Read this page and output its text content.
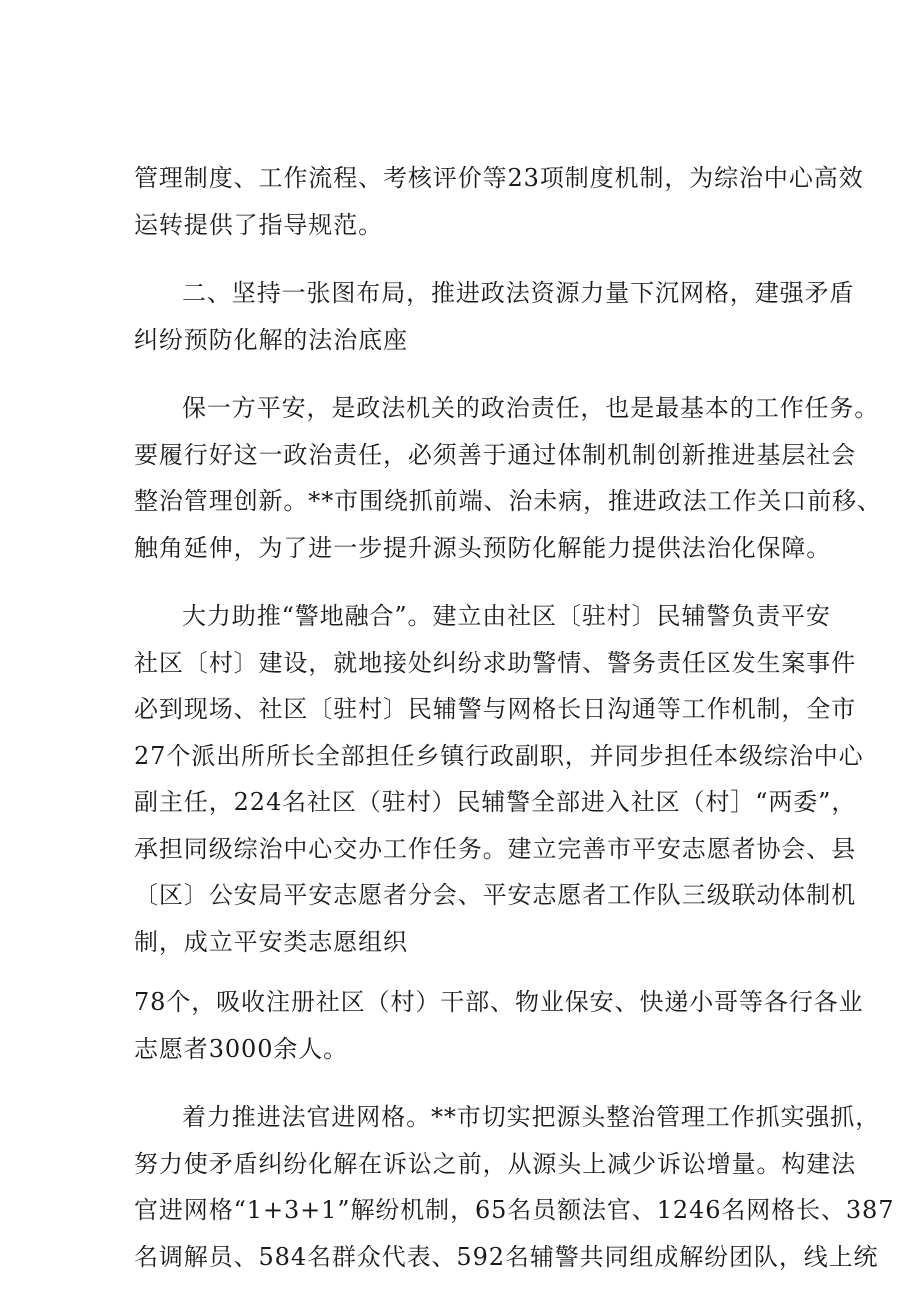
管理制度、工作流程、考核评价等23项制度机制，为综治中心高效
运转提供了指导规范。

二、坚持一张图布局，推进政法资源力量下沉网格，建强矛盾
纠纷预防化解的法治底座

保一方平安，是政法机关的政治责任，也是最基本的工作任务。
要履行好这一政治责任，必须善于通过体制机制创新推进基层社会
整治管理创新。**市围绕抓前端、治未病，推进政法工作关口前移、
触角延伸，为了进一步提升源头预防化解能力提供法治化保障。

大力助推“警地融合”。建立由社区〔驻村〕民辅警负责平安
社区〔村〕建设，就地接处纠纷求助警情、警务责任区发生案事件
必到现场、社区〔驻村〕民辅警与网格长日沟通等工作机制，全市
27个派出所所长全部担任乡镇行政副职，并同步担任本级综治中心
副主任，224名社区（驻村）民辅警全部进入社区（村］“两委”，
承担同级综治中心交办工作任务。建立完善市平安志愿者协会、县
〔区〕公安局平安志愿者分会、平安志愿者工作队三级联动体制机
制，成立平安类志愿组织

78个，吸收注册社区（村）干部、物业保安、快递小哥等各行各业
志愿者3000余人。

着力推进法官进网格。**市切实把源头整治管理工作抓实强抓，
努力使矛盾纠纷化解在诉讼之前，从源头上减少诉讼增量。构建法
官进网格“1+3+1”解纷机制，65名员额法官、1246名网格长、387
名调解员、584名群众代表、592名辅警共同组成解纷团队，线上统
